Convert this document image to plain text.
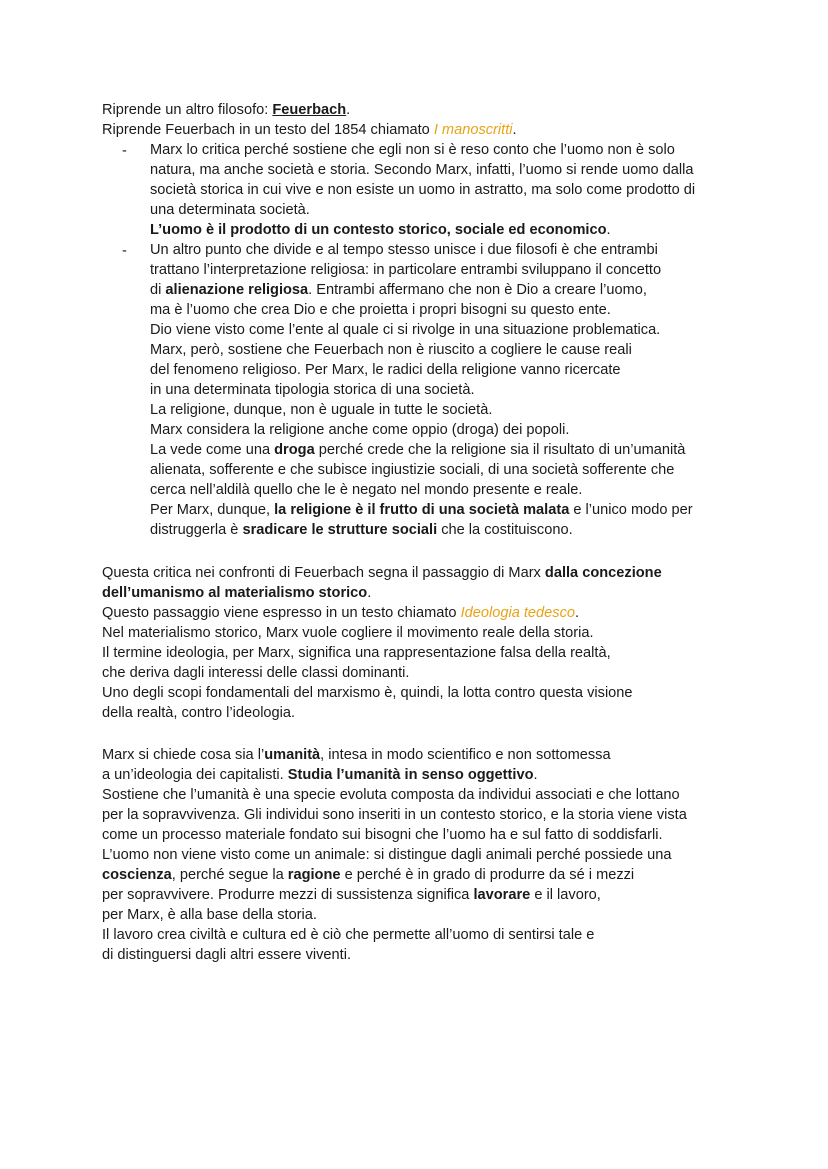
Riprende un altro filosofo: Feuerbach.
Riprende Feuerbach in un testo del 1854 chiamato I manoscritti.
- Marx lo critica perché sostiene che egli non si è reso conto che l’uomo non è solo
natura, ma anche società e storia. Secondo Marx, infatti, l’uomo si rende uomo dalla
società storica in cui vive e non esiste un uomo in astratto, ma solo come prodotto di
una determinata società.
L’uomo è il prodotto di un contesto storico, sociale ed economico.
- Un altro punto che divide e al tempo stesso unisce i due filosofi è che entrambi
trattano l’interpretazione religiosa: in particolare entrambi sviluppano il concetto
di alienazione religiosa. Entrambi affermano che non è Dio a creare l’uomo,
ma è l’uomo che crea Dio e che proietta i propri bisogni su questo ente.
Dio viene visto come l’ente al quale ci si rivolge in una situazione problematica.
Marx, però, sostiene che Feuerbach non è riuscito a cogliere le cause reali
del fenomeno religioso. Per Marx, le radici della religione vanno ricercate
in una determinata tipologia storica di una società.
La religione, dunque, non è uguale in tutte le società.
Marx considera la religione anche come oppio (droga) dei popoli.
La vede come una droga perché crede che la religione sia il risultato di un’umanità
alienata, sofferente e che subisce ingiustizie sociali, di una società sofferente che
cerca nell’aldilà quello che le è negato nel mondo presente e reale.
Per Marx, dunque, la religione è il frutto di una società malata e l’unico modo per
distruggerla è sradicare le strutture sociali che la costituiscono.
Questa critica nei confronti di Feuerbach segna il passaggio di Marx dalla concezione
dell’umanismo al materialismo storico.
Questo passaggio viene espresso in un testo chiamato Ideologia tedesco.
Nel materialismo storico, Marx vuole cogliere il movimento reale della storia.
Il termine ideologia, per Marx, significa una rappresentazione falsa della realtà,
che deriva dagli interessi delle classi dominanti.
Uno degli scopi fondamentali del marxismo è, quindi, la lotta contro questa visione
della realtà, contro l’ideologia.
Marx si chiede cosa sia l’umanità, intesa in modo scientifico e non sottomessa
a un’ideologia dei capitalisti. Studia l’umanità in senso oggettivo.
Sostiene che l’umanità è una specie evoluta composta da individui associati e che lottano
per la sopravvivenza. Gli individui sono inseriti in un contesto storico, e la storia viene vista
come un processo materiale fondato sui bisogni che l’uomo ha e sul fatto di soddisfarli.
L’uomo non viene visto come un animale: si distingue dagli animali perché possiede una
coscienza, perché segue la ragione e perché è in grado di produrre da sé i mezzi
per sopravvivere. Produrre mezzi di sussistenza significa lavorare e il lavoro,
per Marx, è alla base della storia.
Il lavoro crea civiltà e cultura ed è ciò che permette all’uomo di sentirsi tale e
di distinguersi dagli altri essere viventi.
